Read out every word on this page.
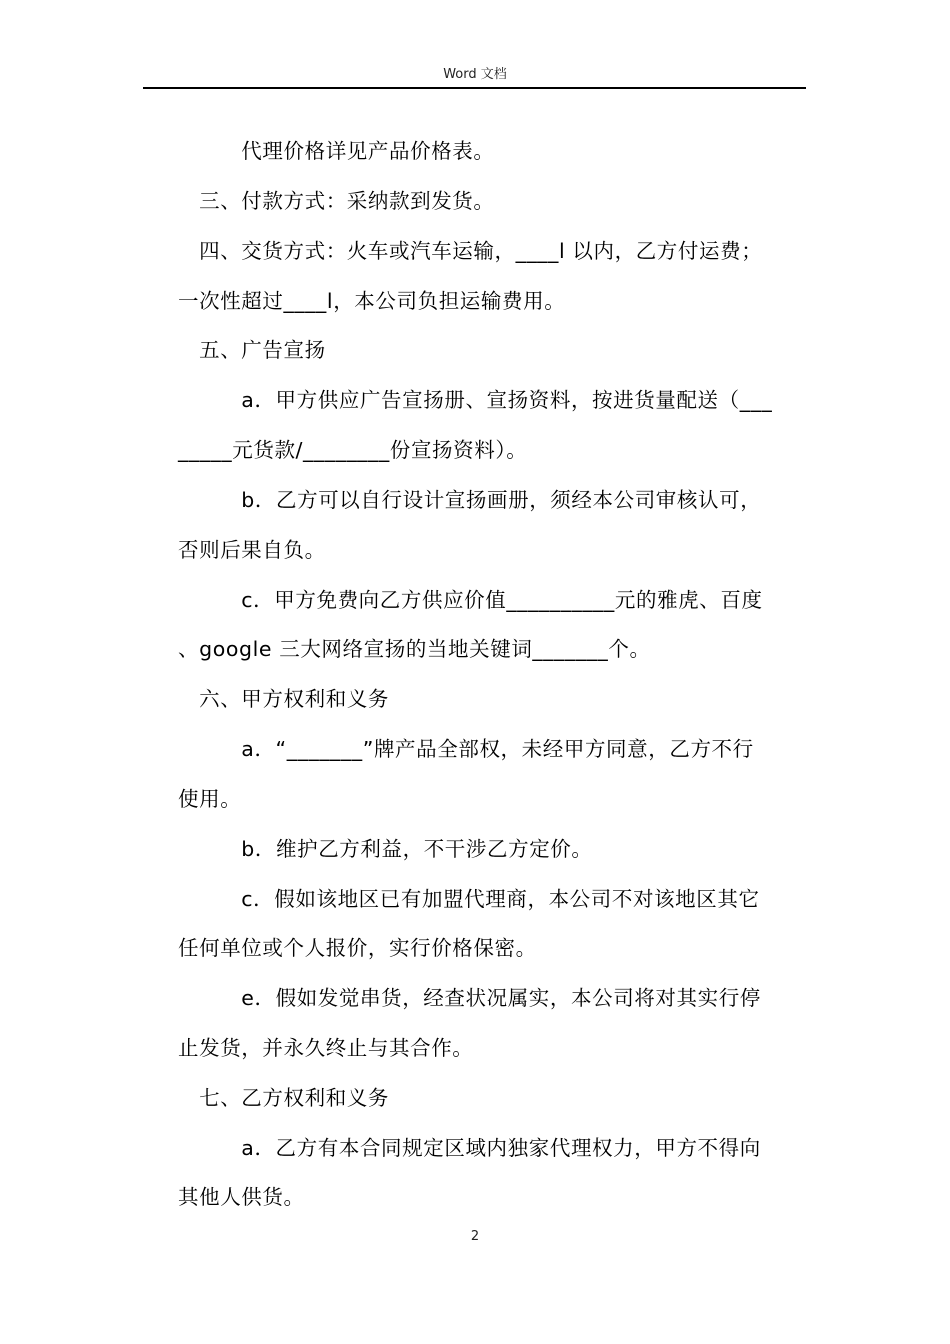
Word 文档
　　　代理价格详见产品价格表。
　三、付款方式：采纳款到发货。
　四、交货方式：火车或汽车运输，____l 以内，乙方付运费；
一次性超过____l，本公司负担运输费用。
　五、广告宣扬
　　　a．甲方供应广告宣扬册、宣扬资料，按进货量配送（___
_____元货款/________份宣扬资料）。
　　　b．乙方可以自行设计宣扬画册，须经本公司审核认可，
否则后果自负。
　　　c．甲方免费向乙方供应价值__________元的雅虎、百度
、google 三大网络宣扬的当地关键词_______个。
　六、甲方权利和义务
　　　a．“_______”牌产品全部权，未经甲方同意，乙方不行
使用。
　　　b．维护乙方利益，不干涉乙方定价。
　　　c．假如该地区已有加盟代理商，本公司不对该地区其它
任何单位或个人报价，实行价格保密。
　　　e．假如发觉串货，经查状况属实，本公司将对其实行停
止发货，并永久终止与其合作。
　七、乙方权利和义务
　　　a．乙方有本合同规定区域内独家代理权力，甲方不得向
其他人供货。
2
